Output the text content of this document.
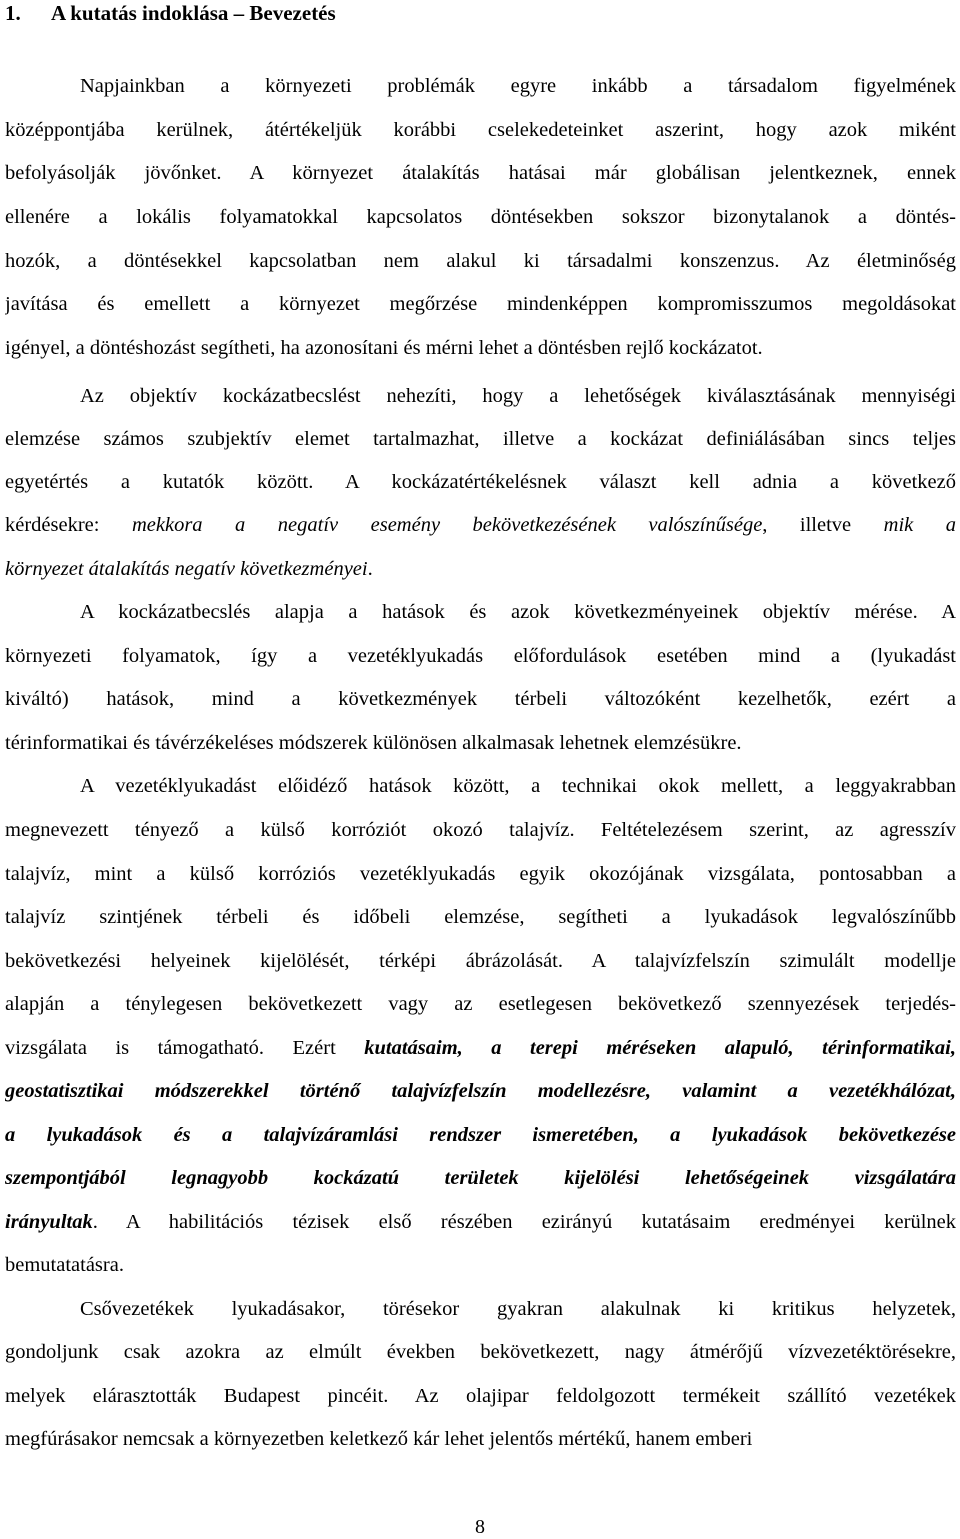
1. A kutatás indoklása – Bevezetés
Napjainkban a környezeti problémák egyre inkább a társadalom figyelmének
középpontjába kerülnek, átértékeljük korábbi cselekedeteinket aszerint, hogy azok miként
befolyásolják jövőnket. A környezet átalakítás hatásai már globálisan jelentkeznek, ennek
ellenére a lokális folyamatokkal kapcsolatos döntésekben sokszor bizonytalanok a döntés-
hozók, a döntésekkel kapcsolatban nem alakul ki társadalmi konszenzus. Az életminőség
javítása és emellett a környezet megőrzése mindenképpen kompromisszumos megoldásokat
igényel, a döntéshozást segítheti, ha azonosítani és mérni lehet a döntésben rejlő kockázatot.
Az objektív kockázatbecslést nehezíti, hogy a lehetőségek kiválasztásának mennyiségi
elemzése számos szubjektív elemet tartalmazhat, illetve a kockázat definiálásában sincs teljes
egyetértés a kutatók között. A kockázatértékelésnek választ kell adnia a következő
kérdésekre: mekkora a negatív esemény bekövetkezésének valószínűsége, illetve mik a
környezet átalakítás negatív következményei.
A kockázatbecslés alapja a hatások és azok következményeinek objektív mérése. A
környezeti folyamatok, így a vezetéklyukadás előfordulások esetében mind a (lyukadást
kiváltó) hatások, mind a következmények térbeli változóként kezelhetők, ezért a
térinformatikai és távérzékeléses módszerek különösen alkalmasak lehetnek elemzésükre.
A vezetéklyukadást előidéző hatások között, a technikai okok mellett, a leggyakrabban
megnevezett tényező a külső korróziót okozó talajvíz. Feltételezésem szerint, az agresszív
talajvíz, mint a külső korróziós vezetéklyukadás egyik okozójának vizsgálata, pontosabban a
talajvíz szintjének térbeli és időbeli elemzése, segítheti a lyukadások legvalószínűbb
bekövetkezési helyeinek kijelölését, térképi ábrázolását. A talajvízfelszín szimulált modellje
alapján a ténylegesen bekövetkezett vagy az esetlegesen bekövetkező szennyezések terjedés-
vizsgálata is támogatható. Ezért kutatásaim, a terepi méréseken alapuló, térinformatikai,
geostatisztikai módszerekkel történő talajvízfelszín modellezésre, valamint a vezetékhálózat,
a lyukadások és a talajvízáramlási rendszer ismeretében, a lyukadások bekövetkezése
szempontjából legnagyobb kockázatú területek kijelölési lehetőségeinek vizsgálatára
irányultak. A habilitációs tézisek első részében ezirányú kutatásaim eredményei kerülnek
bemutatatásra.
Csővezetékek lyukadásakor, törésekor gyakran alakulnak ki kritikus helyzetek,
gondoljunk csak azokra az elmúlt években bekövetkezett, nagy átmérőjű vízvezetéktörésekre,
melyek elárasztották Budapest pincéit. Az olajipar feldolgozott termékeit szállító vezetékek
megfúrásakor nemcsak a környezetben keletkező kár lehet jelentős mértékű, hanem emberi
8
